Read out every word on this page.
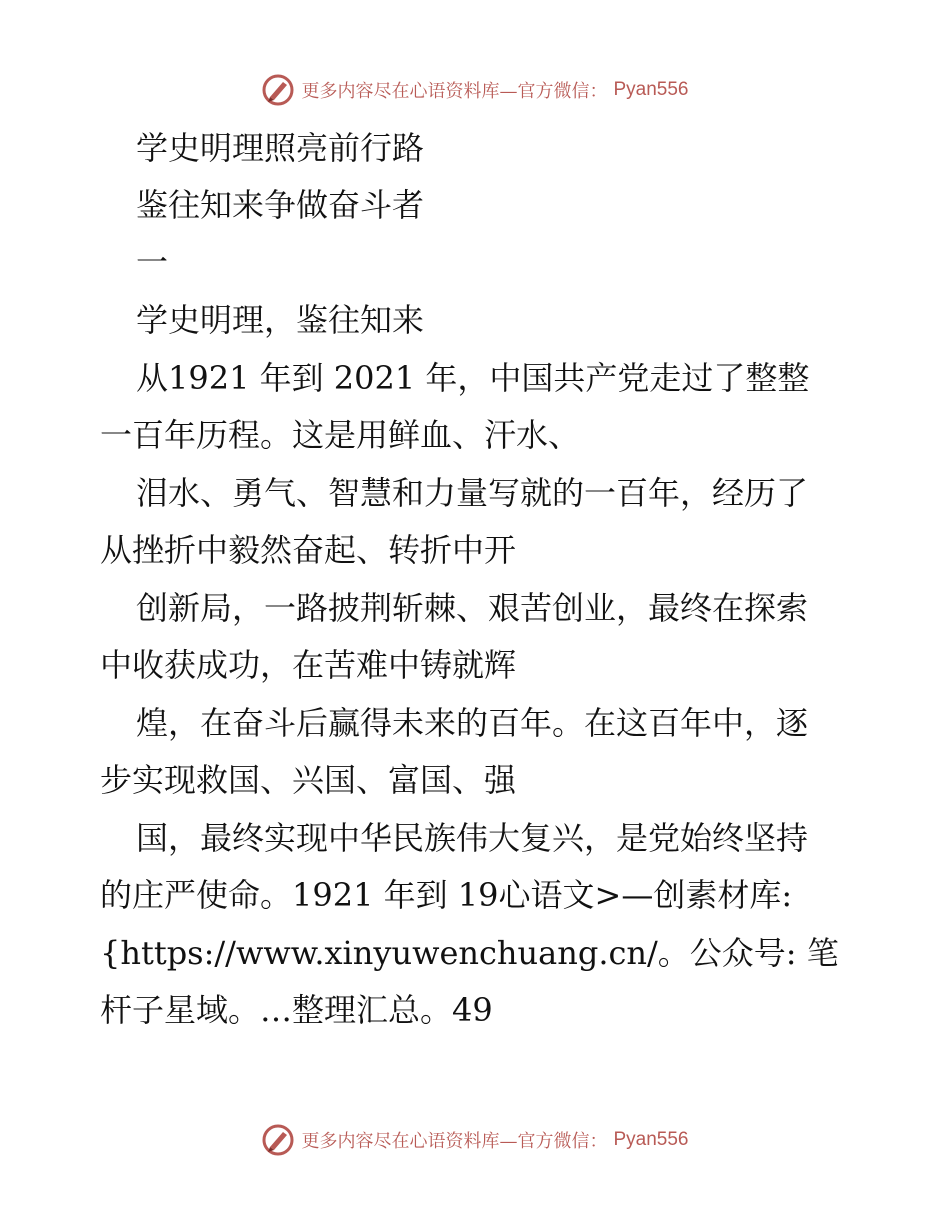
更多内容尽在心语资料库—官方微信： Pyan556
学史明理照亮前行路
鉴往知来争做奋斗者
一
学史明理，鉴往知来
从1921 年到 2021 年，中国共产党走过了整整
一百年历程。这是用鲜血、汗水、
泪水、勇气、智慧和力量写就的一百年，经历了
从挫折中毅然奋起、转折中开
创新局，一路披荆斩棘、艰苦创业，最终在探索
中收获成功，在苦难中铸就辉
煌，在奋斗后赢得未来的百年。在这百年中，逐
步实现救国、兴国、富国、强
国，最终实现中华民族伟大复兴，是党始终坚持
的庄严使命。1921 年到 19心语文>—创素材库:
{https://www.xinyuwenchuang.cn/。公众号: 笔
杆子星域。…整理汇总。49
更多内容尽在心语资料库—官方微信： Pyan556
